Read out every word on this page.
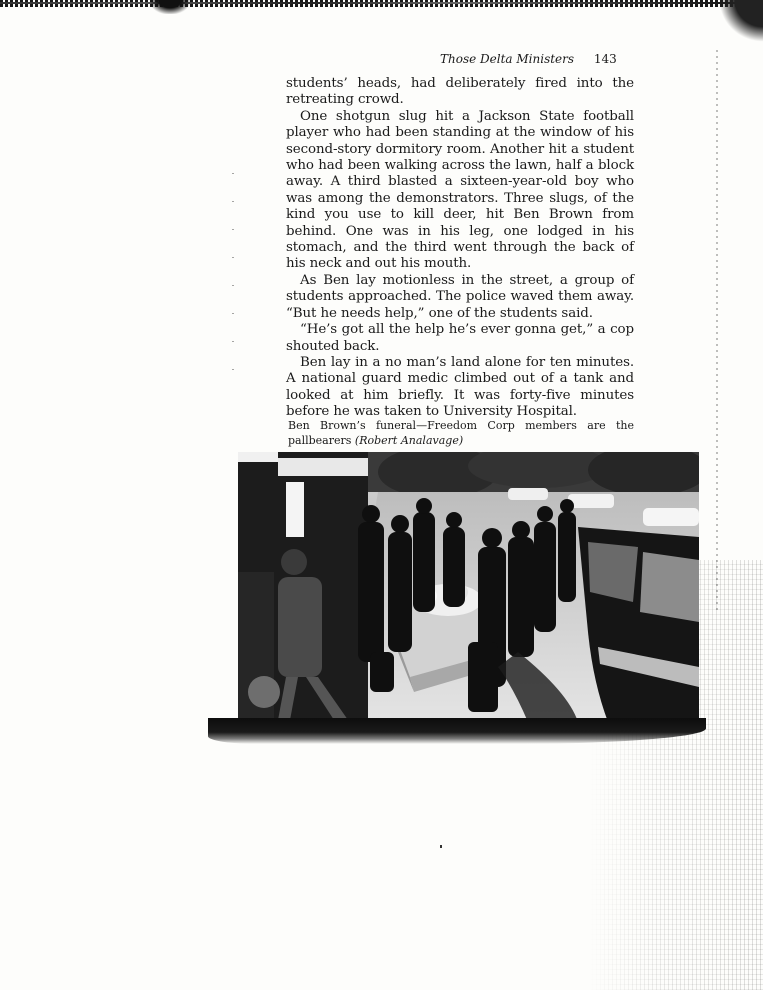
Those Delta Ministers 143

students’ heads, had deliberately fired into the retreating crowd.

One shotgun slug hit a Jackson State football player who had been standing at the window of his second-story dormitory room. Another hit a student who had been walking across the lawn, half a block away. A third blasted a sixteen-year-old boy who was among the demonstrators. Three slugs, of the kind you use to kill deer, hit Ben Brown from behind. One was in his leg, one lodged in his stomach, and the third went through the back of his neck and out his mouth.

As Ben lay motionless in the street, a group of students approached. The police waved them away. “But he needs help,” one of the students said.

“He’s got all the help he’s ever gonna get,” a cop shouted back.

Ben lay in a no man’s land alone for ten minutes. A national guard medic climbed out of a tank and looked at him briefly. It was forty-five minutes before he was taken to University Hospital.

Ben Brown’s funeral—Freedom Corp members are the pallbearers (Robert Analavage)
